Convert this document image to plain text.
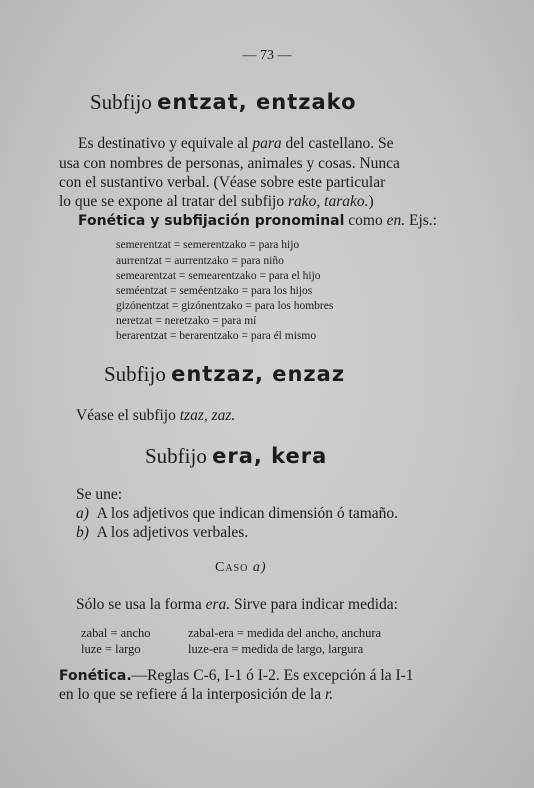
— 73 —
Subfijo entzat, entzako
Es destinativo y equivale al para del castellano. Se
usa con nombres de personas, animales y cosas. Nunca
con el sustantivo verbal. (Véase sobre este particular
lo que se expone al tratar del subfijo rako, tarako.)
Fonética y subfijación pronominal como en. Ejs.:
semerentzat = semerentzako = para hijo
aurrentzat = aurrentzako = para niño
semearentzat = semearentzako = para el hijo
seméentzat = seméentzako = para los hijos
gizónentzat = gizónentzako = para los hombres
neretzat = neretzako = para mí
berarentzat = berarentzako = para él mismo
Subfijo entzaz, enzaz
Véase el subfijo tzaz, zaz.
Subfijo era, kera
Se une:
a) A los adjetivos que indican dimensión ó tamaño.
b) A los adjetivos verbales.
Caso a)
Sólo se usa la forma era. Sirve para indicar medida:
zabal = ancho
luze = largo
zabal-era = medida del ancho, anchura
luze-era = medida de largo, largura
Fonética.—Reglas C-6, I-1 ó I-2. Es excepción á la I-1
en lo que se refiere á la interposición de la r.
